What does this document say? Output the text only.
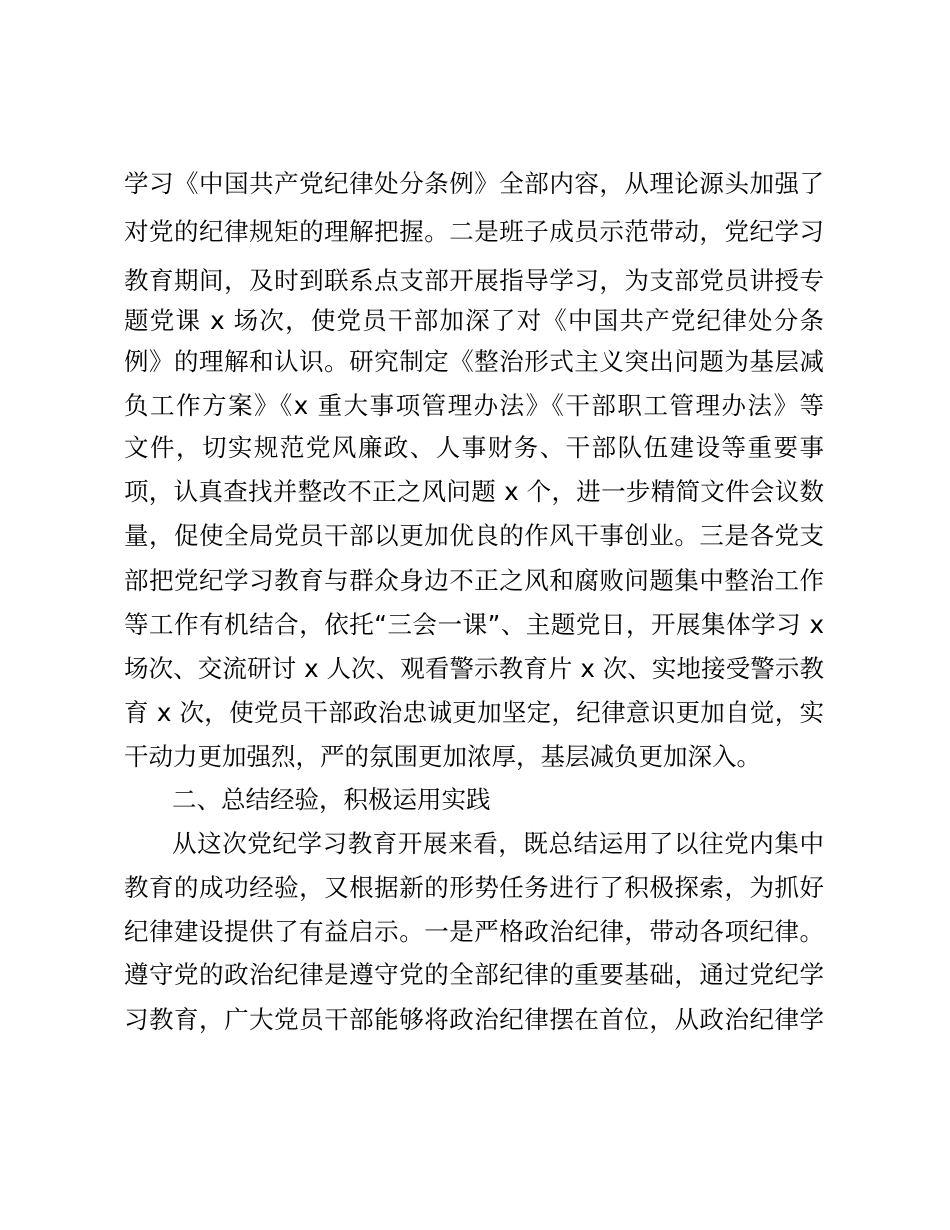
学习《中国共产党纪律处分条例》全部内容，从理论源头加强了
对党的纪律规矩的理解把握。二是班子成员示范带动，党纪学习
教育期间，及时到联系点支部开展指导学习，为支部党员讲授专
题党课 x 场次，使党员干部加深了对《中国共产党纪律处分条
例》的理解和认识。研究制定《整治形式主义突出问题为基层减
负工作方案》《x 重大事项管理办法》《干部职工管理办法》等
文件，切实规范党风廉政、人事财务、干部队伍建设等重要事
项，认真查找并整改不正之风问题 x 个，进一步精简文件会议数
量，促使全局党员干部以更加优良的作风干事创业。三是各党支
部把党纪学习教育与群众身边不正之风和腐败问题集中整治工作
等工作有机结合，依托“三会一课”、主题党日，开展集体学习 x
场次、交流研讨 x 人次、观看警示教育片 x 次、实地接受警示教
育 x 次，使党员干部政治忠诚更加坚定，纪律意识更加自觉，实
干动力更加强烈，严的氛围更加浓厚，基层减负更加深入。
二、总结经验，积极运用实践
从这次党纪学习教育开展来看，既总结运用了以往党内集中
教育的成功经验，又根据新的形势任务进行了积极探索，为抓好
纪律建设提供了有益启示。一是严格政治纪律，带动各项纪律。
遵守党的政治纪律是遵守党的全部纪律的重要基础，通过党纪学
习教育，广大党员干部能够将政治纪律摆在首位，从政治纪律学
